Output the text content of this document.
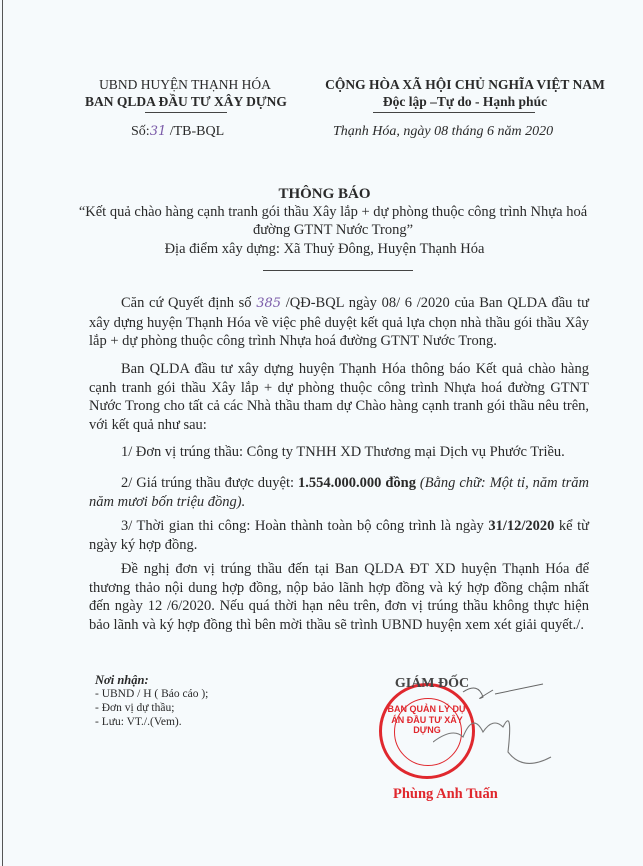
UBND HUYỆN THẠNH HÓA
BAN QLDA ĐẦU TƯ XÂY DỰNG
CỘNG HÒA XÃ HỘI CHỦ NGHĨA VIỆT NAM
Độc lập –Tự do - Hạnh phúc
Số:31 /TB-BQL	Thạnh Hóa, ngày 08 tháng 6 năm 2020
THÔNG BÁO
“Kết quả chào hàng cạnh tranh gói thầu Xây lắp + dự phòng thuộc công trình Nhựa hoá đường GTNT Nước Trong”
Địa điểm xây dựng: Xã Thuỷ Đông, Huyện Thạnh Hóa
Căn cứ Quyết định số 385 /QĐ-BQL ngày 08/ 6 /2020 của Ban QLDA đầu tư xây dựng huyện Thạnh Hóa về việc phê duyệt kết quả lựa chọn nhà thầu gói thầu Xây lắp + dự phòng thuộc công trình Nhựa hoá đường GTNT Nước Trong.
Ban QLDA đầu tư xây dựng huyện Thạnh Hóa thông báo Kết quả chào hàng cạnh tranh gói thầu Xây lắp + dự phòng thuộc công trình Nhựa hoá đường GTNT Nước Trong cho tất cả các Nhà thầu tham dự Chào hàng cạnh tranh gói thầu nêu trên, với kết quả như sau:
1/ Đơn vị trúng thầu: Công ty TNHH XD Thương mại Dịch vụ Phước Triều.
2/ Giá trúng thầu được duyệt: 1.554.000.000 đồng (Bằng chữ: Một tỉ, năm trăm năm mươi bốn triệu đồng).
3/ Thời gian thi công: Hoàn thành toàn bộ công trình là ngày 31/12/2020 kể từ ngày ký hợp đồng.
Đề nghị đơn vị trúng thầu đến tại Ban QLDA ĐT XD huyện Thạnh Hóa để thương thảo nội dung hợp đồng, nộp bảo lãnh hợp đồng và ký hợp đồng chậm nhất đến ngày 12 /6/2020. Nếu quá thời hạn nêu trên, đơn vị trúng thầu không thực hiện bảo lãnh và ký hợp đồng thì bên mời thầu sẽ trình UBND huyện xem xét giải quyết./.
Nơi nhận:
- UBND / H ( Báo cáo );
- Đơn vị dự thầu;
- Lưu: VT./.(Vem).
BAN QUẢN LÝ DỰ ÁN ĐẦU TƯ XÂY DỰNG
GIÁM ĐỐC
Phùng Anh Tuấn
